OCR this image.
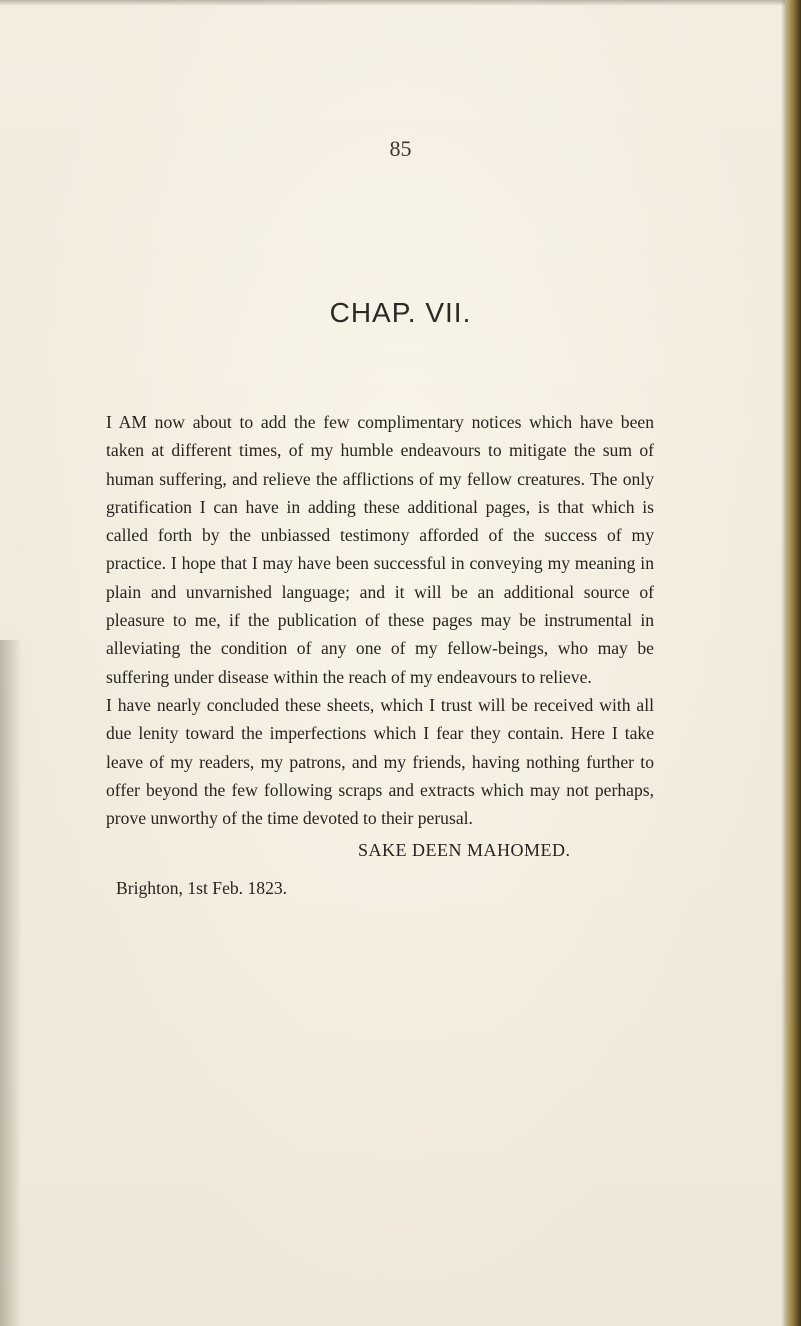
85
CHAP. VII.

I AM now about to add the few complimentary notices which have been taken at different times, of my humble endeavours to mitigate the sum of human suffering, and relieve the afflictions of my fellow creatures. The only gratification I can have in adding these additional pages, is that which is called forth by the unbiassed testimony afforded of the success of my practice. I hope that I may have been successful in conveying my meaning in plain and unvarnished language; and it will be an additional source of pleasure to me, if the publication of these pages may be instrumental in alleviating the condition of any one of my fellow-beings, who may be suffering under disease within the reach of my endeavours to relieve.

I have nearly concluded these sheets, which I trust will be received with all due lenity toward the imperfections which I fear they contain. Here I take leave of my readers, my patrons, and my friends, having nothing further to offer beyond the few following scraps and extracts which may not perhaps, prove unworthy of the time devoted to their perusal.

SAKE DEEN MAHOMED.
Brighton, 1st Feb. 1823.
